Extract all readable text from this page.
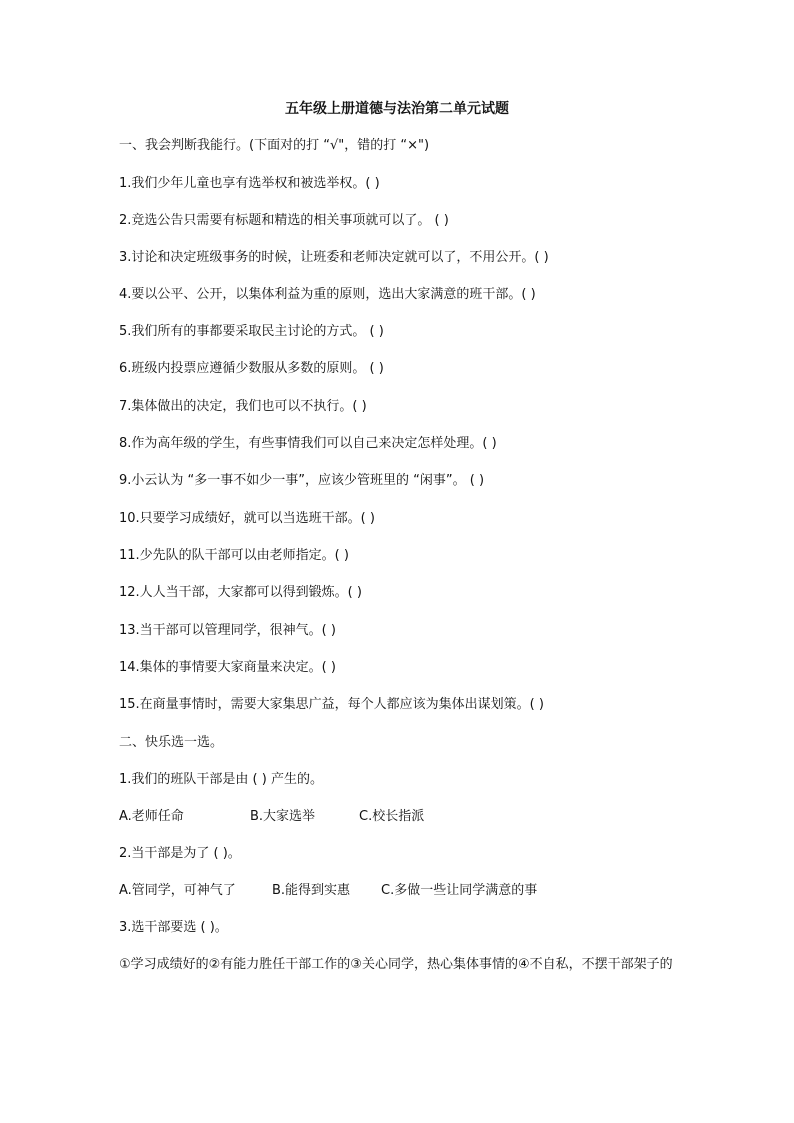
五年级上册道德与法治第二单元试题
一、我会判断我能行。(下面对的打 “√"，错的打 “×")
1.我们少年儿童也享有选举权和被选举权。( )
2.竞选公告只需要有标题和精选的相关事项就可以了。 ( )
3.讨论和决定班级事务的时候，让班委和老师决定就可以了，不用公开。( )
4.要以公平、公开，以集体利益为重的原则，选出大家满意的班干部。( )
5.我们所有的事都要采取民主讨论的方式。 ( )
6.班级内投票应遵循少数服从多数的原则。 ( )
7.集体做出的决定，我们也可以不执行。( )
8.作为高年级的学生，有些事情我们可以自己来决定怎样处理。( )
9.小云认为 “多一事不如少一事”，应该少管班里的 “闲事”。 ( )
10.只要学习成绩好，就可以当选班干部。( )
11.少先队的队干部可以由老师指定。( )
12.人人当干部，大家都可以得到锻炼。( )
13.当干部可以管理同学，很神气。( )
14.集体的事情要大家商量来决定。( )
15.在商量事情时，需要大家集思广益，每个人都应该为集体出谋划策。( )
二、快乐选一选。
1.我们的班队干部是由 ( ) 产生的。
A.老师任命	B.大家选举	C.校长指派
2.当干部是为了 ( )。
A.管同学，可神气了	B.能得到实惠 C.多做一些让同学满意的事
3.选干部要选 ( )。
①学习成绩好的②有能力胜任干部工作的③关心同学，热心集体事情的④不自私，不摆干部架子的
